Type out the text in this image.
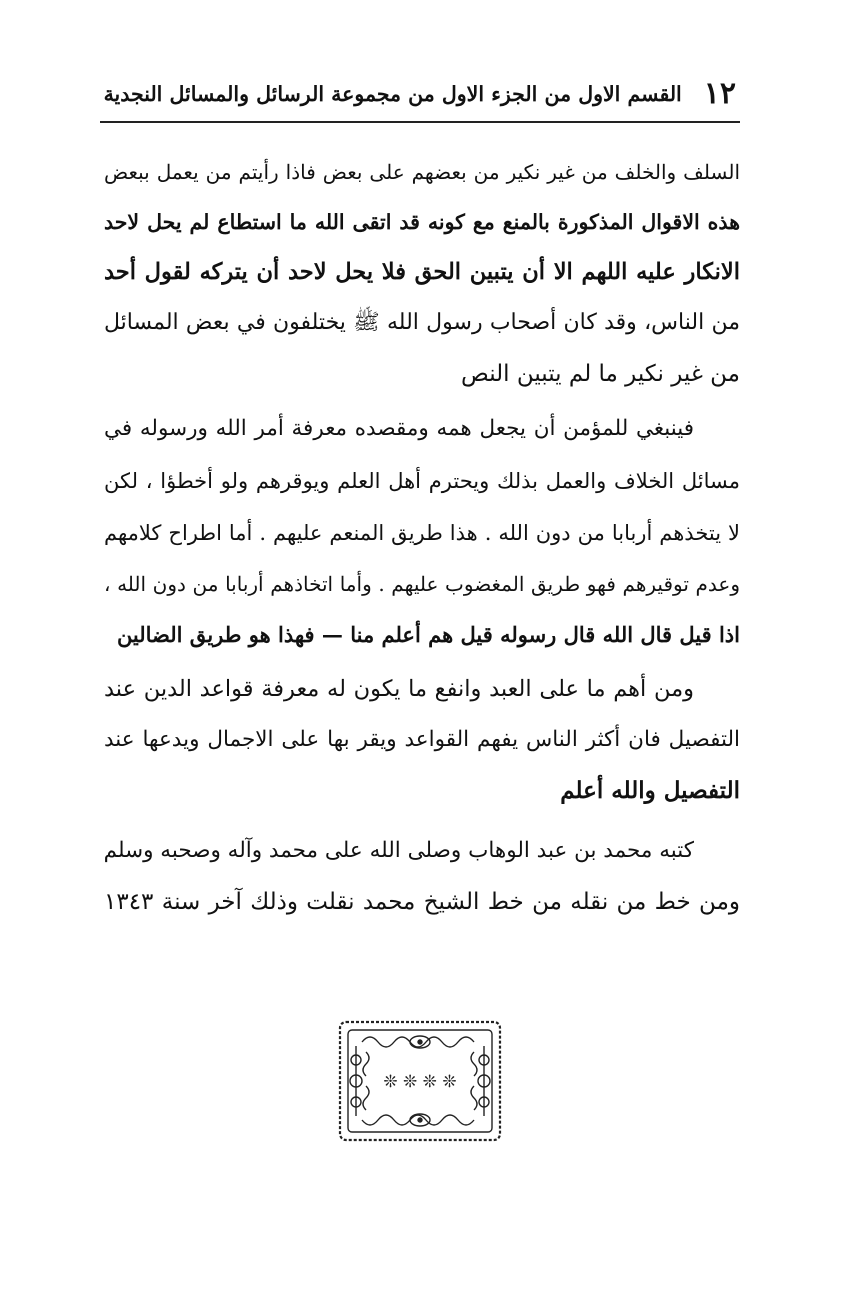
١٢
القسم الاول من الجزء الاول من مجموعة الرسائل والمسائل النجدية
السلف والخلف من غير نكير من بعضهم على بعض فاذا رأيتم من يعمل ببعض
هذه الاقوال المذكورة بالمنع مع كونه قد اتقى الله ما استطاع لم يحل لاحد
الانكار عليه اللهم الا أن يتبين الحق فلا يحل لاحد أن يتركه لقول أحد
من الناس، وقد كان أصحاب رسول الله ﷺ يختلفون في بعض المسائل
من غير نكير ما لم يتبين النص
فينبغي للمؤمن أن يجعل همه ومقصده معرفة أمر الله ورسوله في
مسائل الخلاف والعمل بذلك ويحترم أهل العلم ويوقرهم ولو أخطؤا ، لكن
لا يتخذهم أربابا من دون الله . هذا طريق المنعم عليهم . أما اطراح كلامهم
وعدم توقيرهم فهو طريق المغضوب عليهم . وأما اتخاذهم أربابا من دون الله ،
اذا قيل قال الله قال رسوله قيل هم أعلم منا — فهذا هو طريق الضالين
ومن أهم ما على العبد وانفع ما يكون له معرفة قواعد الدين عند
التفصيل فان أكثر الناس يفهم القواعد ويقر بها على الاجمال ويدعها عند
التفصيل والله أعلم
كتبه محمد بن عبد الوهاب وصلى الله على محمد وآله وصحبه وسلم
ومن خط من نقله من خط الشيخ محمد نقلت وذلك آخر سنة ١٣٤٣
❊ ❊ ❊ ❊
